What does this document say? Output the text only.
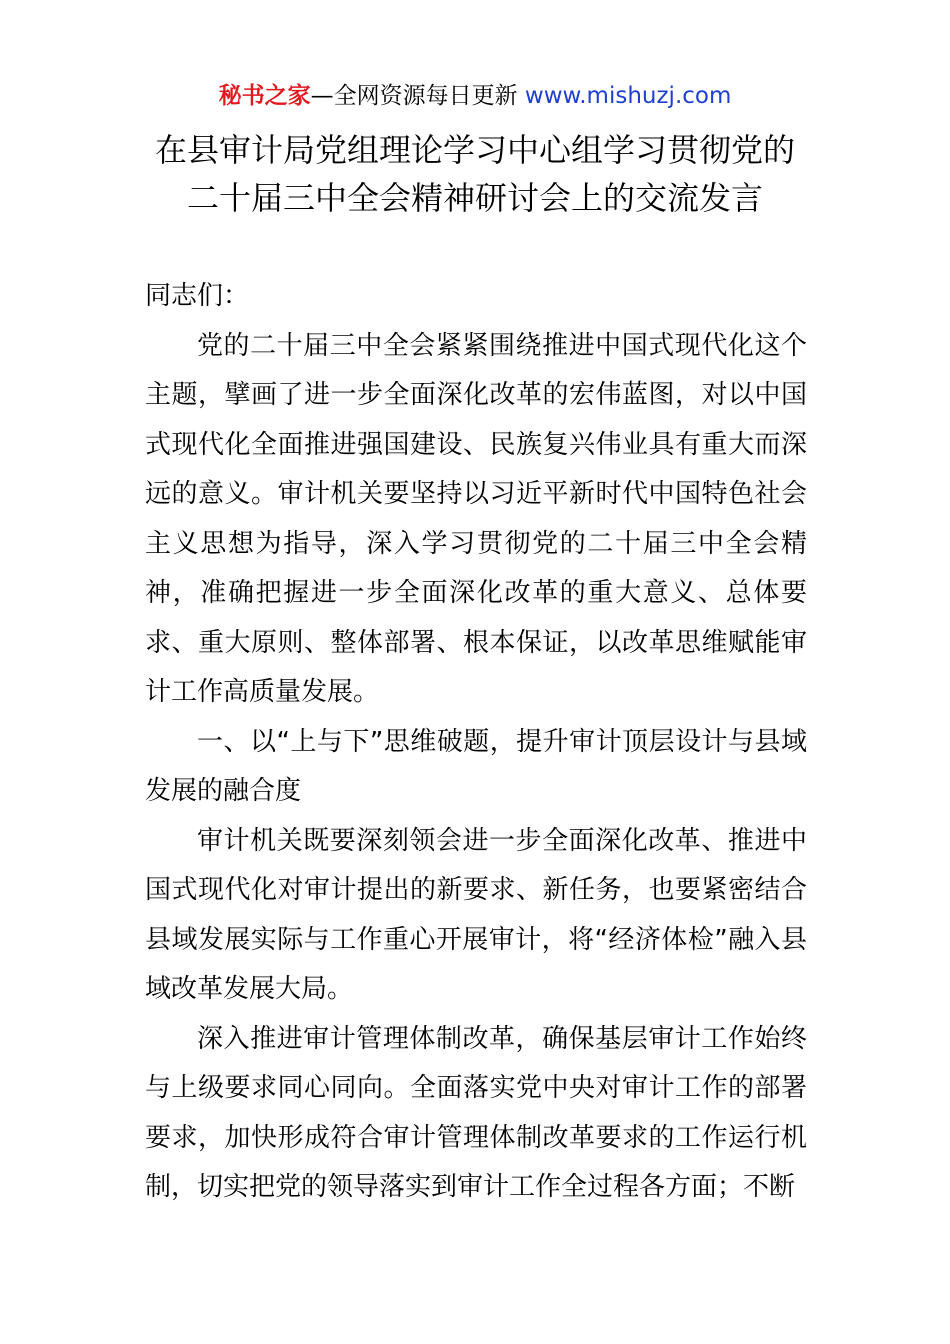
秘书之家—全网资源每日更新 www.mishuzj.com
在县审计局党组理论学习中心组学习贯彻党的
二十届三中全会精神研讨会上的交流发言

同志们：

党的二十届三中全会紧紧围绕推进中国式现代化这个主题，擘画了进一步全面深化改革的宏伟蓝图，对以中国式现代化全面推进强国建设、民族复兴伟业具有重大而深远的意义。审计机关要坚持以习近平新时代中国特色社会主义思想为指导，深入学习贯彻党的二十届三中全会精神，准确把握进一步全面深化改革的重大意义、总体要求、重大原则、整体部署、根本保证，以改革思维赋能审计工作高质量发展。

一、以“上与下”思维破题，提升审计顶层设计与县域发展的融合度

审计机关既要深刻领会进一步全面深化改革、推进中国式现代化对审计提出的新要求、新任务，也要紧密结合县域发展实际与工作重心开展审计，将“经济体检”融入县域改革发展大局。

深入推进审计管理体制改革，确保基层审计工作始终与上级要求同心同向。全面落实党中央对审计工作的部署要求，加快形成符合审计管理体制改革要求的工作运行机制，切实把党的领导落实到审计工作全过程各方面；不断
